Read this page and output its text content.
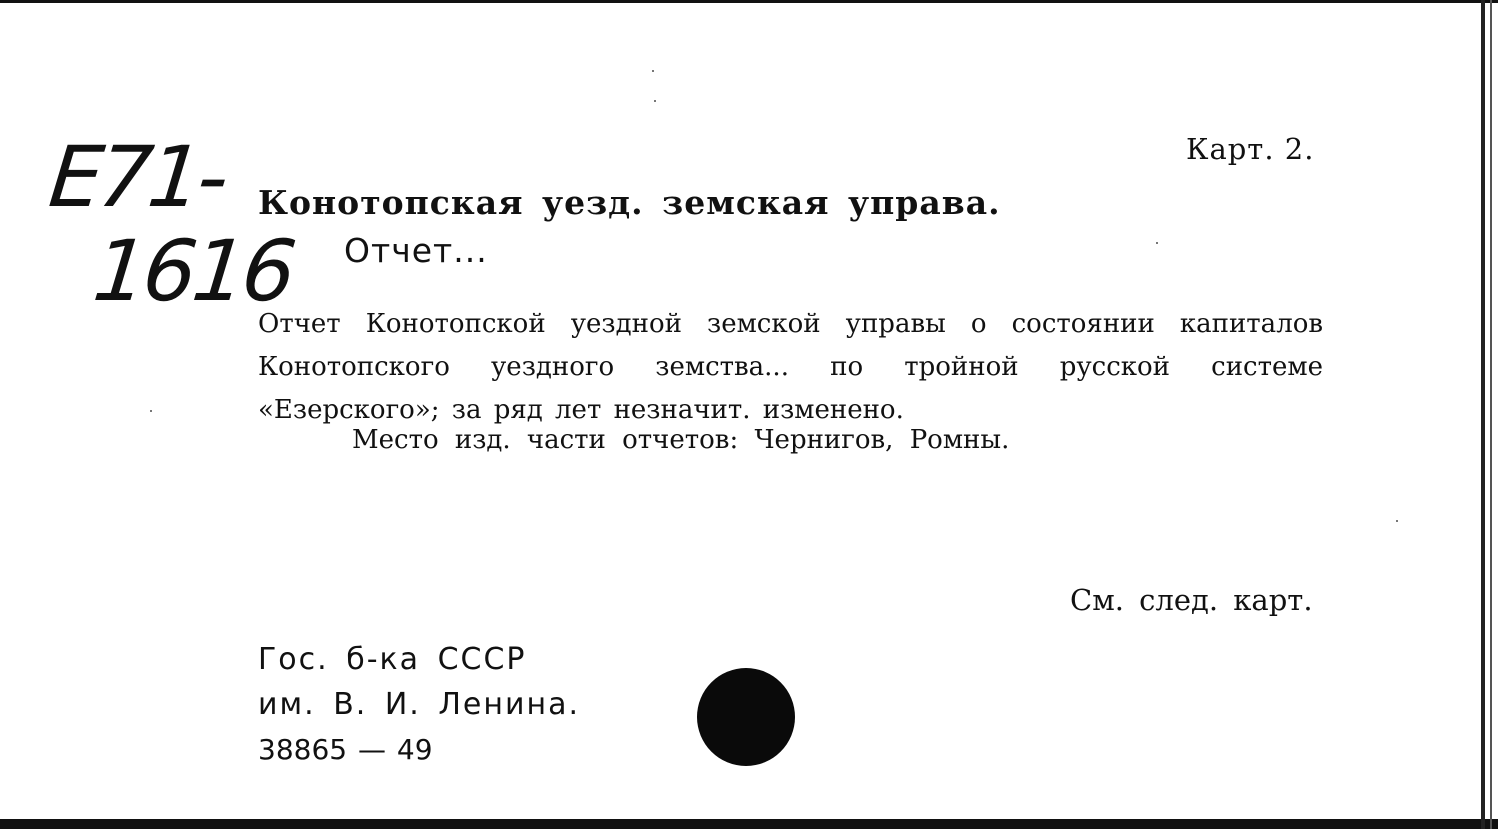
E71-
1616
Карт. 2.
Конотопская уезд. земская управа.
Отчет...
Отчет Конотопской уездной земской управы о состоянии капиталов Конотопского уездного земства... по тройной русской системе «Езерского»; за ряд лет незначит. изменено.
Место изд. части отчетов: Чернигов, Ромны.
См. след. карт.
Гос. б-ка СССР
им. В. И. Ленина.
38865 — 49
